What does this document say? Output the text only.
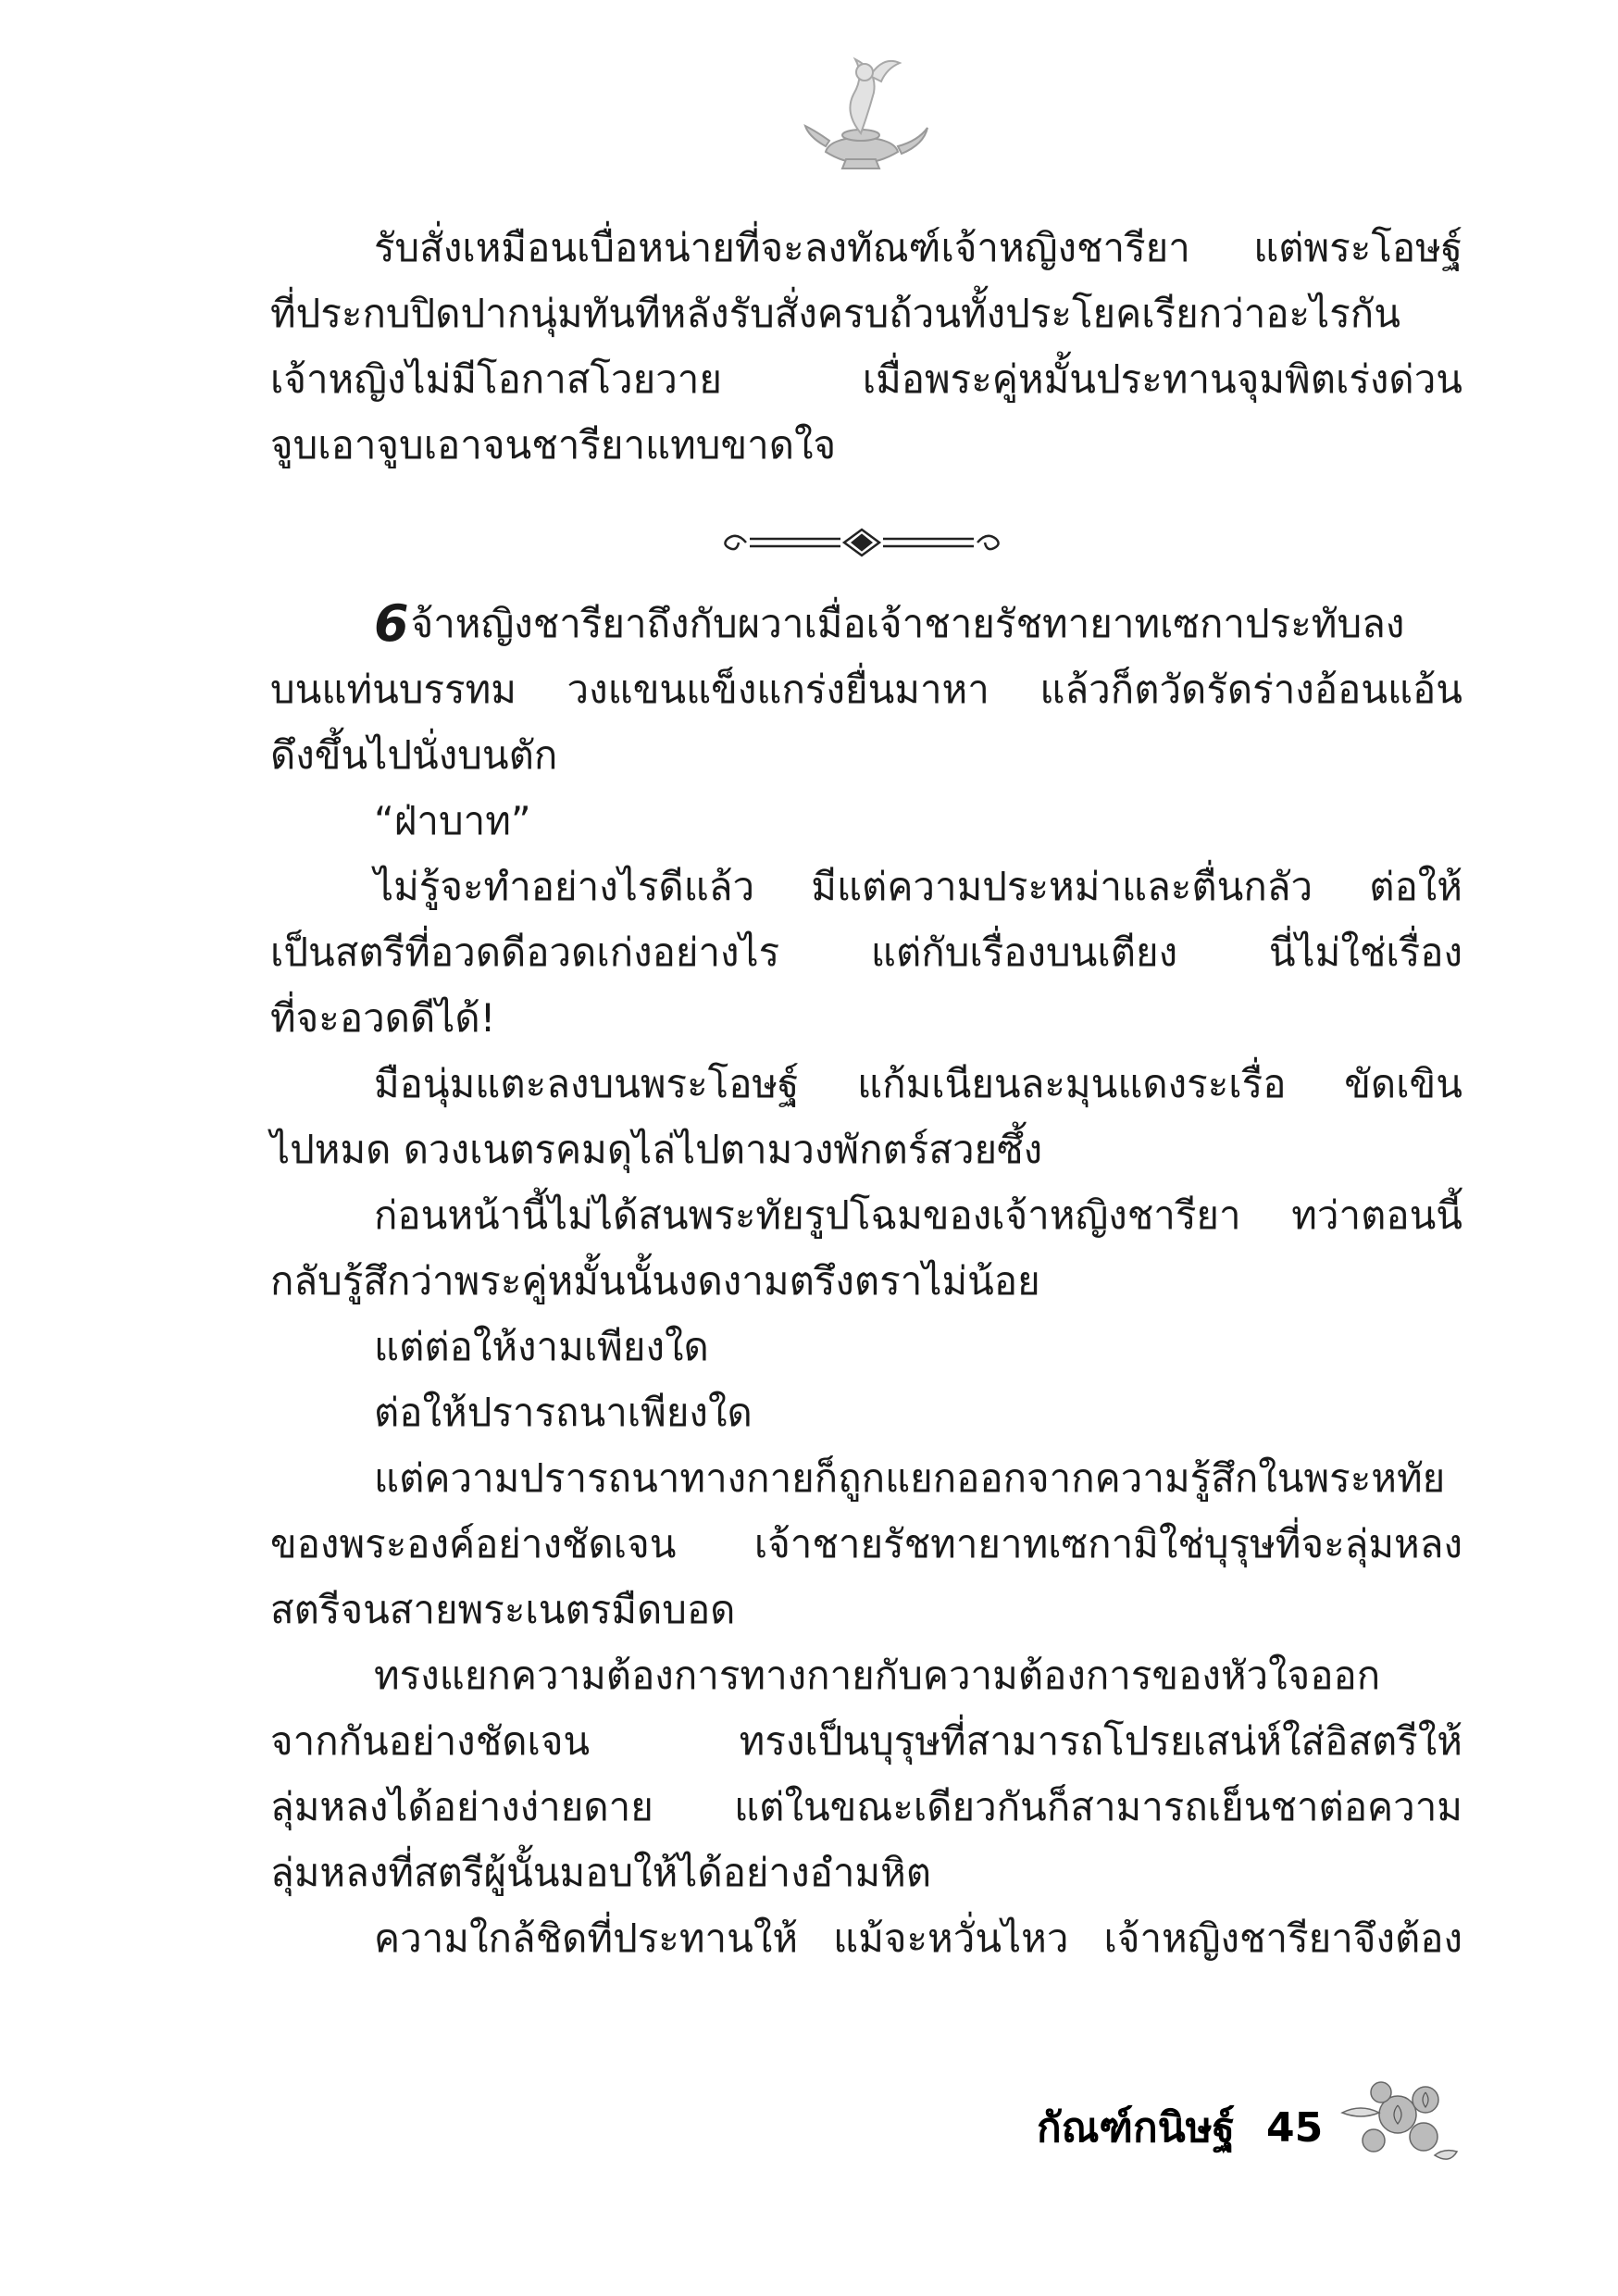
รับสั่งเหมือนเบื่อหน่ายที่จะลงทัณฑ์เจ้าหญิงชารียา แต่พระโอษฐ์
ที่ประกบปิดปากนุ่มทันทีหลังรับสั่งครบถ้วนทั้งประโยคเรียกว่าอะไรกัน
เจ้าหญิงไม่มีโอกาสโวยวาย	เมื่อพระคู่หมั้นประทานจุมพิตเร่งด่วน
จูบเอาจูบเอาจนชารียาแทบขาดใจ
6 จ้าหญิงชารียาถึงกับผวาเมื่อเจ้าชายรัชทายาทเซกาประทับลง
บนแท่นบรรทม วงแขนแข็งแกร่งยื่นมาหา แล้วก็ตวัดรัดร่างอ้อนแอ้น
ดึงขึ้นไปนั่งบนตัก
“ฝ่าบาท”
ไม่รู้จะทำอย่างไรดีแล้ว มีแต่ความประหม่าและตื่นกลัว ต่อให้
เป็นสตรีที่อวดดีอวดเก่งอย่างไร แต่กับเรื่องบนเตียง นี่ไม่ใช่เรื่อง
ที่จะอวดดีได้!
มือนุ่มแตะลงบนพระโอษฐ์ แก้มเนียนละมุนแดงระเรื่อ ขัดเขิน
ไปหมด ดวงเนตรคมดุไล่ไปตามวงพักตร์สวยซึ้ง
ก่อนหน้านี้ไม่ได้สนพระทัยรูปโฉมของเจ้าหญิงชารียา ทว่าตอนนี้
กลับรู้สึกว่าพระคู่หมั้นนั้นงดงามตรึงตราไม่น้อย
แต่ต่อให้งามเพียงใด
ต่อให้ปรารถนาเพียงใด
แต่ความปรารถนาทางกายก็ถูกแยกออกจากความรู้สึกในพระหทัย
ของพระองค์อย่างชัดเจน เจ้าชายรัชทายาทเซกามิใช่บุรุษที่จะลุ่มหลง
สตรีจนสายพระเนตรมืดบอด
ทรงแยกความต้องการทางกายกับความต้องการของหัวใจออก
จากกันอย่างชัดเจน	ทรงเป็นบุรุษที่สามารถโปรยเสน่ห์ใส่อิสตรีให้
ลุ่มหลงได้อย่างง่ายดาย แต่ในขณะเดียวกันก็สามารถเย็นชาต่อความ
ลุ่มหลงที่สตรีผู้นั้นมอบให้ได้อย่างอำมหิต
ความใกล้ชิดที่ประทานให้ แม้จะหวั่นไหว เจ้าหญิงชารียาจึงต้อง
กัณฑ์กนิษฐ์ 45
